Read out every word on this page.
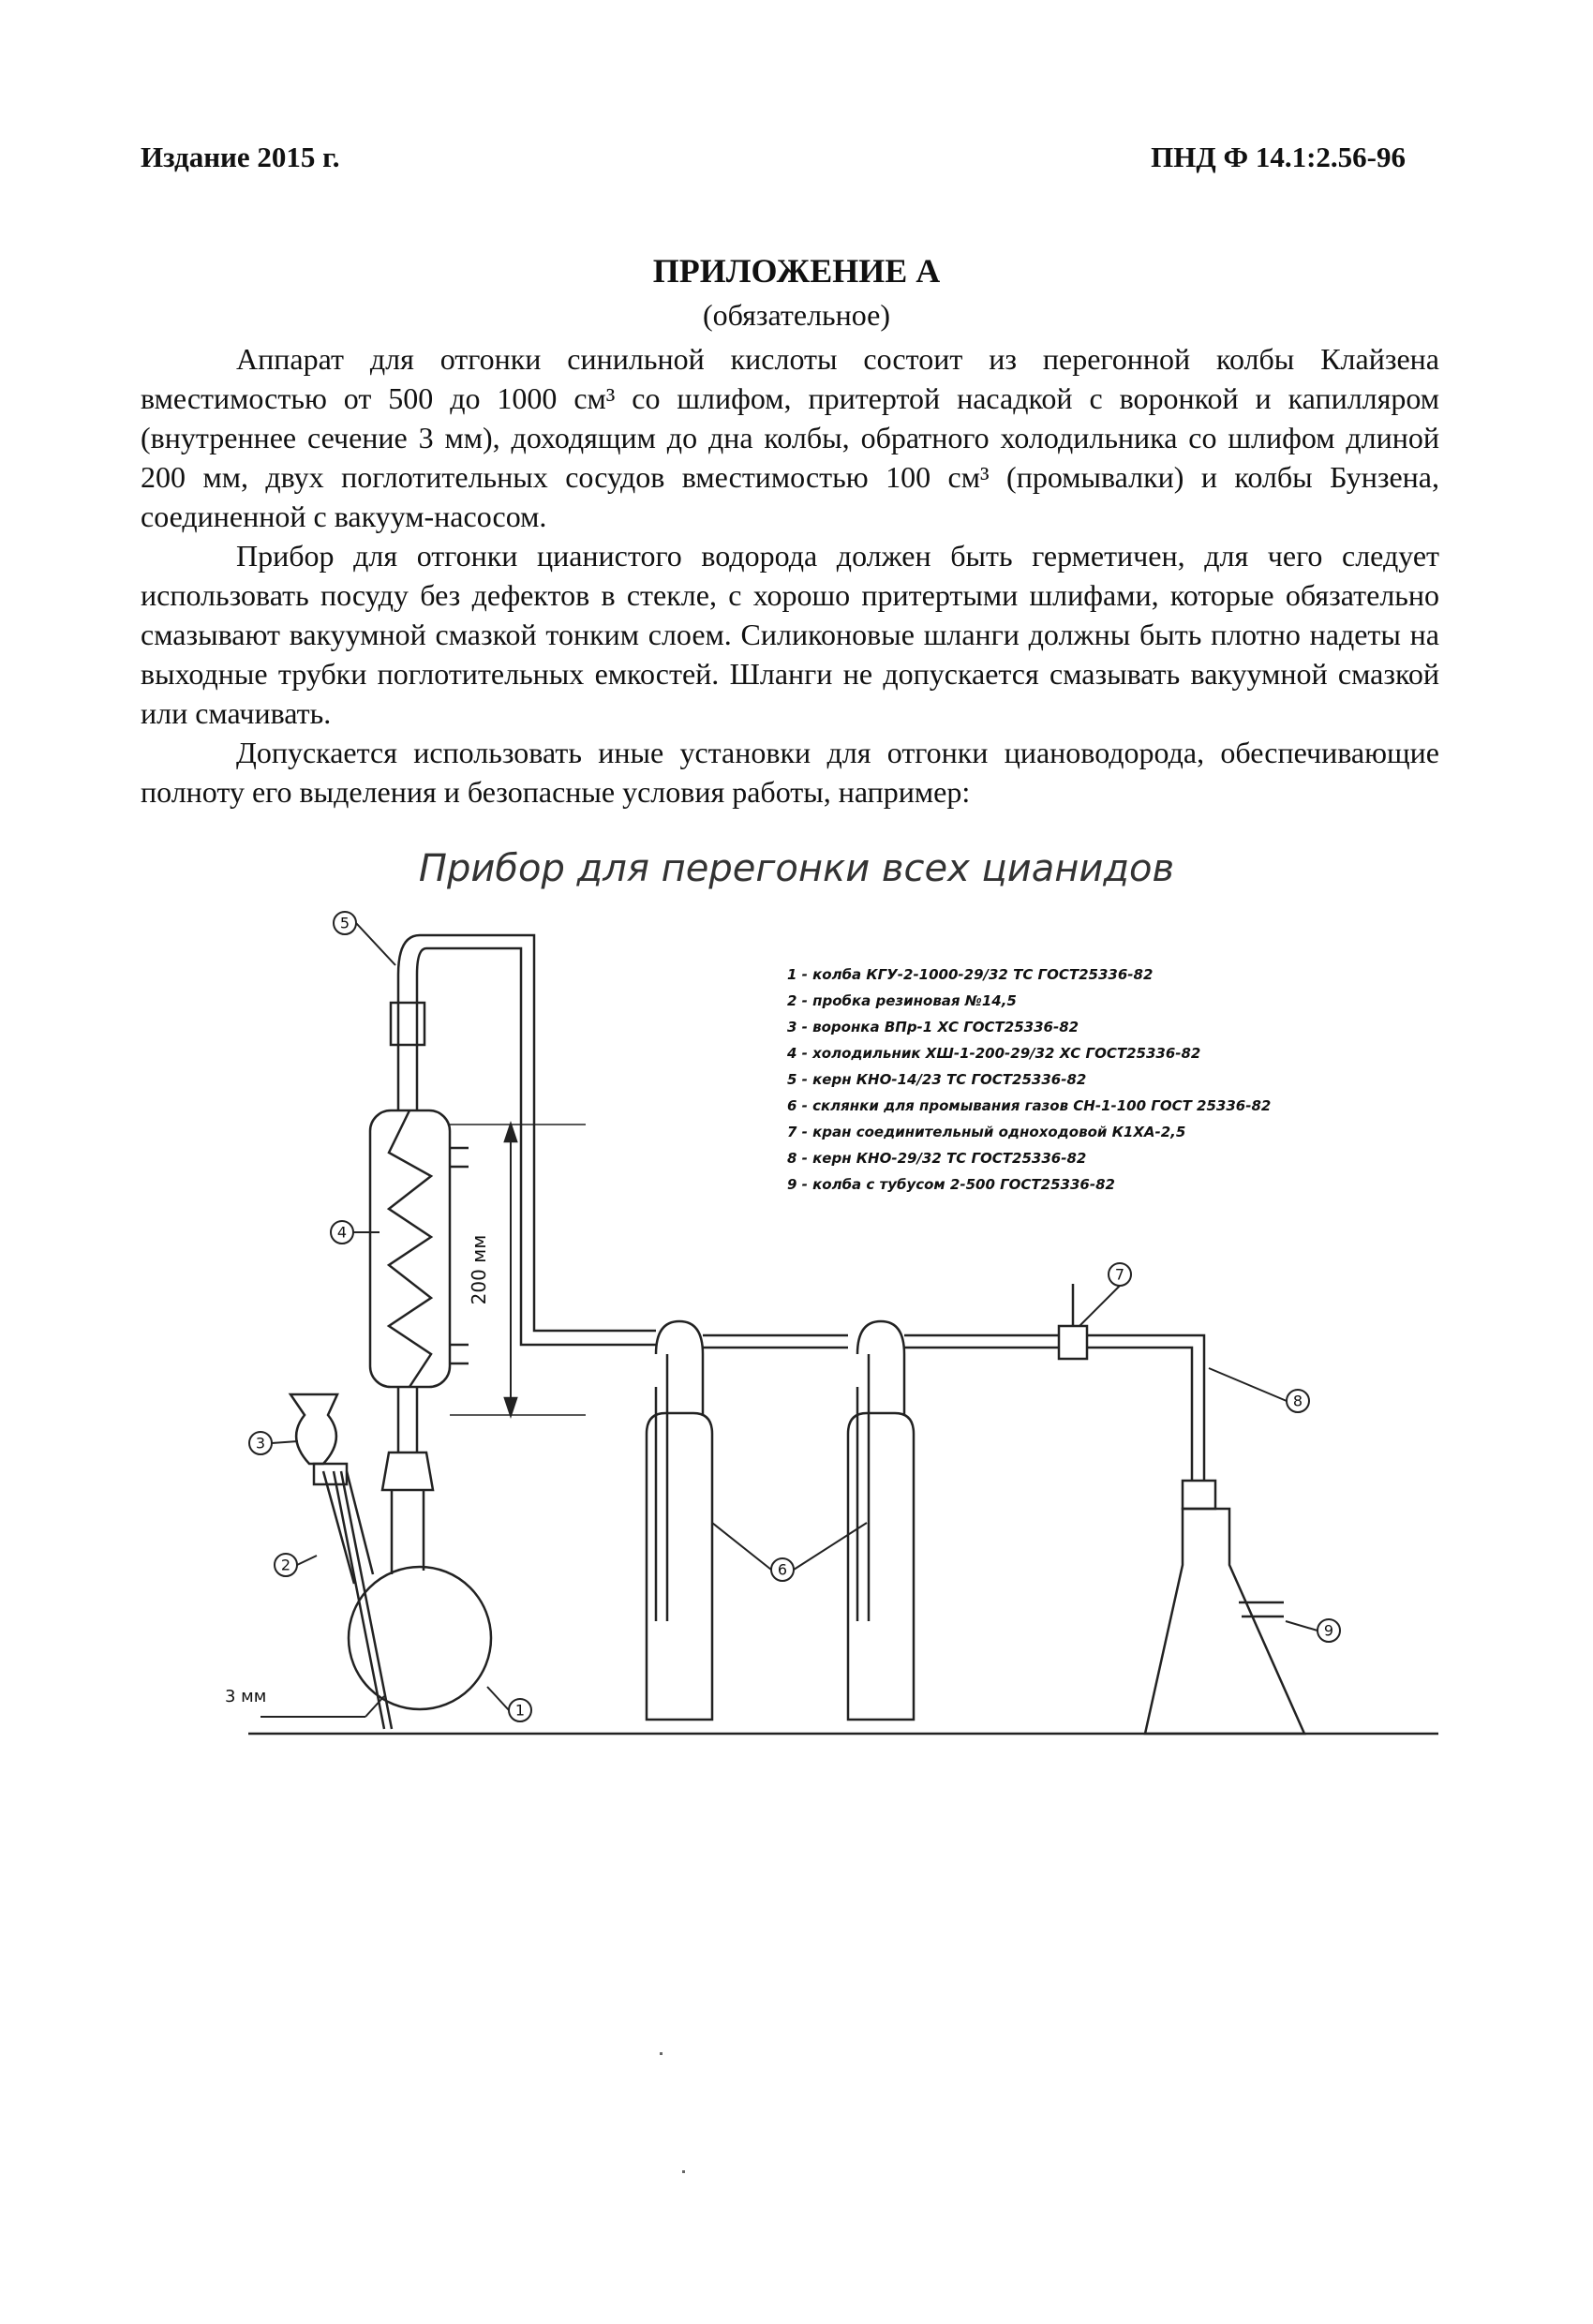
Издание 2015 г.	ПНД Ф 14.1:2.56-96
ПРИЛОЖЕНИЕ А
(обязательное)

Аппарат для отгонки синильной кислоты состоит из перегонной колбы Клайзена вместимостью от 500 до 1000 см³ со шлифом, притертой насадкой с воронкой и капилляром (внутреннее сечение 3 мм), доходящим до дна колбы, обратного холодильника со шлифом длиной 200 мм, двух поглотительных сосудов вместимостью 100 см³ (промывалки) и колбы Бунзена, соединенной с вакуум-насосом.

Прибор для отгонки цианистого водорода должен быть герметичен, для чего следует использовать посуду без дефектов в стекле, с хорошо притертыми шлифами, которые обязательно смазывают вакуумной смазкой тонким слоем. Силиконовые шланги должны быть плотно надеты на выходные трубки поглотительных емкостей. Шланги не допускается смазывать вакуумной смазкой или смачивать.

Допускается использовать иные установки для отгонки циановодорода, обеспечивающие полноту его выделения и безопасные условия работы, например:

Прибор для перегонки всех цианидов
1
2
3
4
5
6
7
8
9
200 мм
3 мм
1 - колба КГУ-2-1000-29/32 ТС ГОСТ25336-82
2 - пробка резиновая №14,5
3 - воронка ВПр-1 ХС ГОСТ25336-82
4 - холодильник ХШ-1-200-29/32 ХС ГОСТ25336-82
5 - керн КНО-14/23 ТС ГОСТ25336-82
6 - склянки для промывания газов СН-1-100 ГОСТ 25336-82
7 - кран соединительный одноходовой К1ХА-2,5
8 - керн КНО-29/32 ТС ГОСТ25336-82
9 - колба с тубусом 2-500 ГОСТ25336-82
